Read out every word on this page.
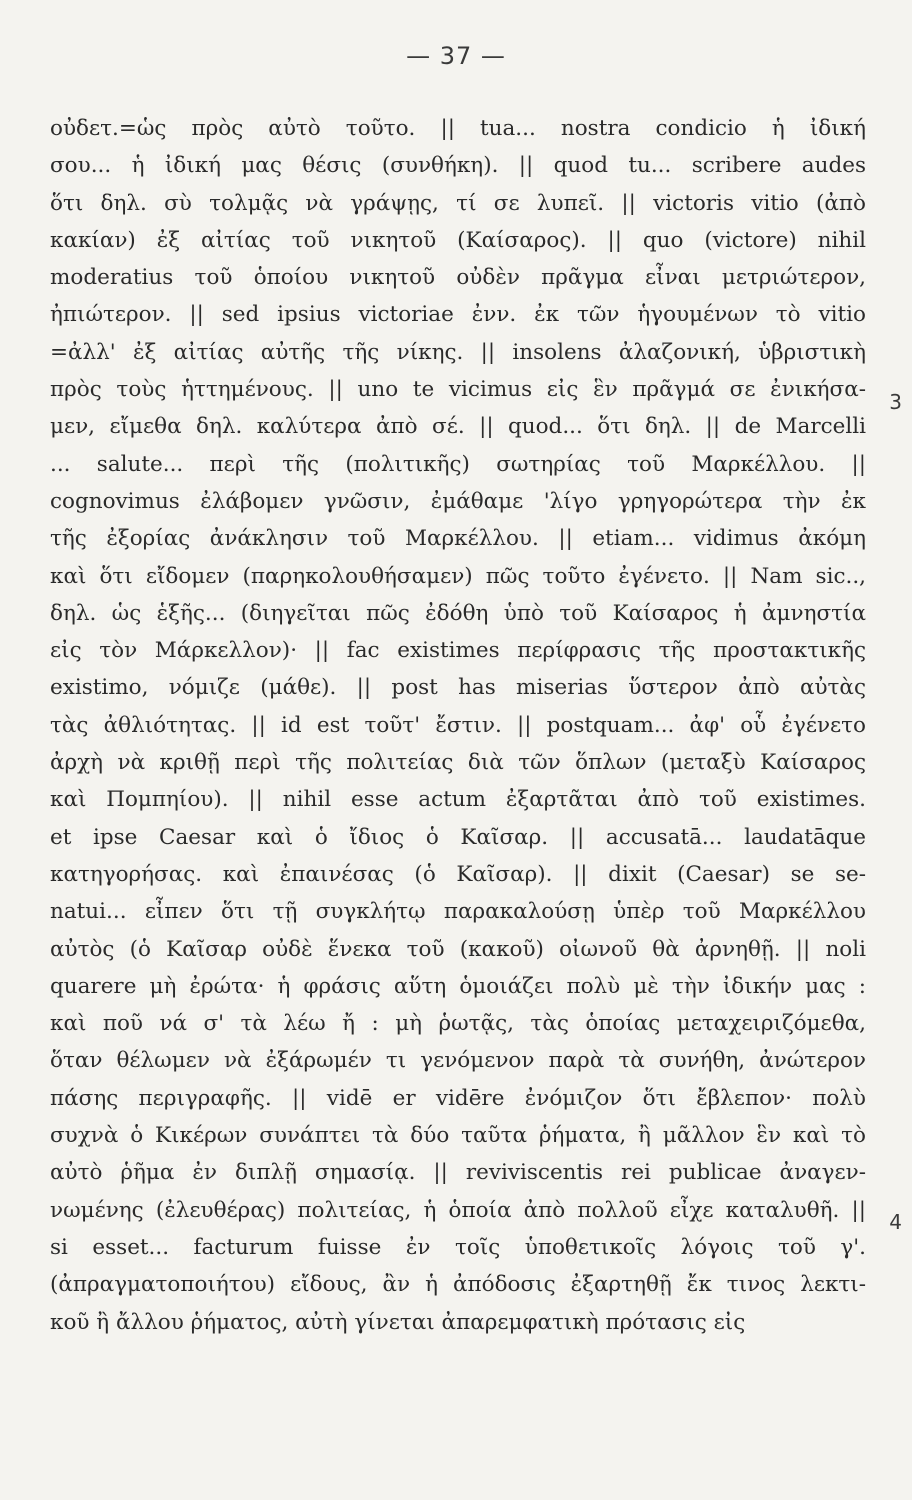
— 37 —
οὐδετ.=ὡς πρὸς αὐτὸ τοῦτο. || tua... nostra condicio ἡ ἰδική
σου... ἡ ἰδική μας θέσις (συνθήκη). || quod tu... scribere audes
ὅτι δηλ. σὺ τολμᾷς νὰ γράψῃς, τί σε λυπεῖ. || victoris vitio (ἀπὸ
κακίαν) ἐξ αἰτίας τοῦ νικητοῦ (Καίσαρος). || quo (victore) nihil
moderatius τοῦ ὁποίου νικητοῦ οὐδὲν πρᾶγμα εἶναι μετριώτερον,
ἠπιώτερον. || sed ipsius victoriae ἐνν. ἐκ τῶν ἡγουμένων τὸ vitio
=ἀλλ' ἐξ αἰτίας αὐτῆς τῆς νίκης. || insolens ἀλαζονική, ὑβριστικὴ
πρὸς τοὺς ἡττημένους. || uno te vicimus εἰς ἓν πρᾶγμά σε ἐνικήσα-
μεν, εἴμεθα δηλ. καλύτερα ἀπὸ σέ. || quod... ὅτι δηλ. || de Marcelli
... salute... περὶ τῆς (πολιτικῆς) σωτηρίας τοῦ Μαρκέλλου. ||
cognovimus ἐλάβομεν γνῶσιν, ἐμάθαμε 'λίγο γρηγορώτερα τὴν ἐκ
τῆς ἐξορίας ἀνάκλησιν τοῦ Μαρκέλλου. || etiam... vidimus ἀκόμη
καὶ ὅτι εἴδομεν (παρηκολουθήσαμεν) πῶς τοῦτο ἐγένετο. || Nam sic..,
δηλ. ὡς ἑξῆς... (διηγεῖται πῶς ἐδόθη ὑπὸ τοῦ Καίσαρος ἡ ἀμνηστία
εἰς τὸν Μάρκελλον)· || fac existimes περίφρασις τῆς προστακτικῆς
existimo, νόμιζε (μάθε). || post has miserias ὕστερον ἀπὸ αὐτὰς
τὰς ἀθλιότητας. || id est τοῦτ' ἔστιν. || postquam... ἀφ' οὗ ἐγένετο
ἀρχὴ νὰ κριθῇ περὶ τῆς πολιτείας διὰ τῶν ὅπλων (μεταξὺ Καίσαρος
καὶ Πομπηίου). || nihil esse actum ἐξαρτᾶται ἀπὸ τοῦ existimes.
et ipse Caesar καὶ ὁ ἴδιος ὁ Καῖσαρ. || accusatā... laudatāque
κατηγορήσας. καὶ ἐπαινέσας (ὁ Καῖσαρ). || dixit (Caesar) se se-
natui... εἶπεν ὅτι τῇ συγκλήτῳ παρακαλούσῃ ὑπὲρ τοῦ Μαρκέλλου
αὐτὸς (ὁ Καῖσαρ οὐδὲ ἕνεκα τοῦ (κακοῦ) οἰωνοῦ θὰ ἀρνηθῇ. || noli
quarere μὴ ἐρώτα· ἡ φράσις αὕτη ὁμοιάζει πολὺ μὲ τὴν ἰδικήν μας :
καὶ ποῦ νά σ' τὰ λέω ἤ : μὴ ῥωτᾷς, τὰς ὁποίας μεταχειριζόμεθα,
ὅταν θέλωμεν νὰ ἐξάρωμέν τι γενόμενον παρὰ τὰ συνήθη, ἀνώτερον
πάσης περιγραφῆς. || vidē er vidēre ἐνόμιζον ὅτι ἔβλεπον· πολὺ
συχνὰ ὁ Κικέρων συνάπτει τὰ δύο ταῦτα ῥήματα, ἢ μᾶλλον ἓν καὶ τὸ
αὐτὸ ῥῆμα ἐν διπλῇ σημασίᾳ. || reviviscentis rei publicae ἀναγεν-
νωμένης (ἐλευθέρας) πολιτείας, ἡ ὁποία ἀπὸ πολλοῦ εἶχε καταλυθῆ. ||
si esset... facturum fuisse ἐν τοῖς ὑποθετικοῖς λόγοις τοῦ γ'.
(ἀπραγματοποιήτου) εἴδους, ἂν ἡ ἀπόδοσις ἐξαρτηθῇ ἔκ τινος λεκτι-
κοῦ ἢ ἄλλου ῥήματος, αὐτὴ γίνεται ἀπαρεμφατικὴ πρότασις εἰς
3
4
